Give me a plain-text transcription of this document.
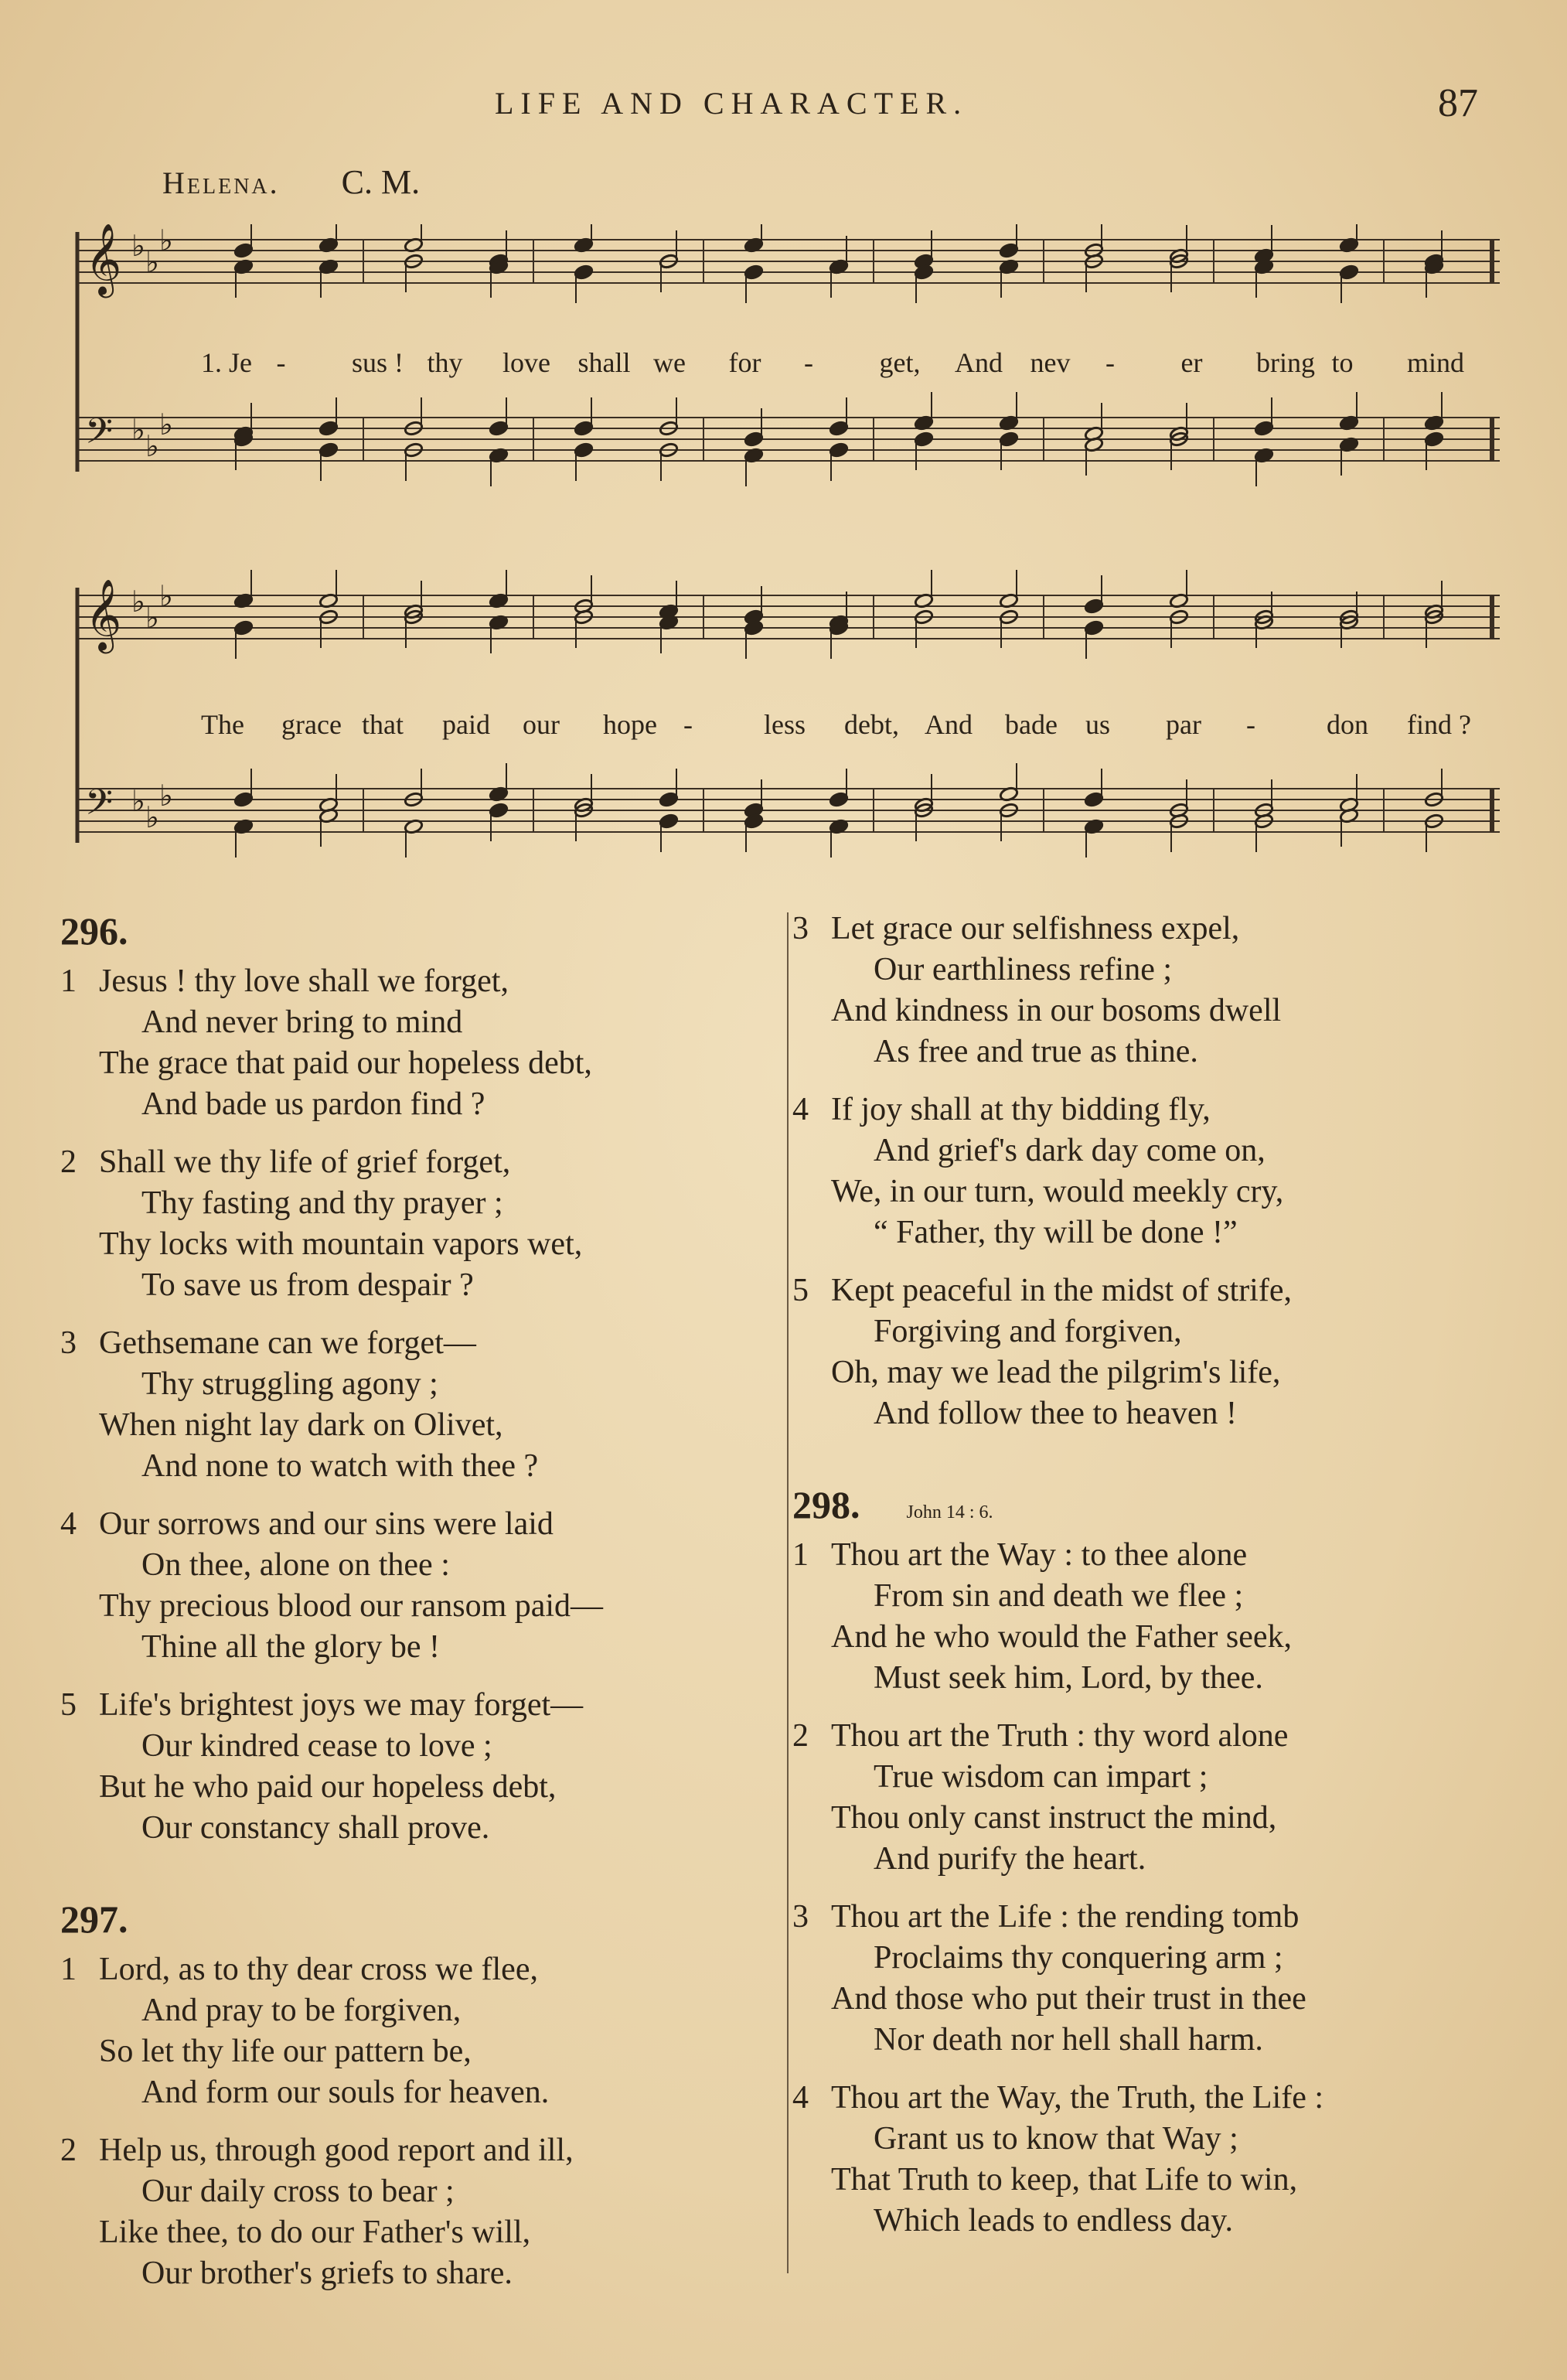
LIFE AND CHARACTER.	87
Helena. C. M.
𝄞
𝄢
♭
♭
♭
♭
♭
♭
1. Je - sus ! thy love shall we for - get, And nev - er bring to mind
𝄞
𝄢
♭
♭
♭
♭
♭
♭
The grace that paid our hope -	less debt, And bade us par -	don find ?
296.
1 Jesus ! thy love shall we forget,
And never bring to mind
The grace that paid our hopeless debt,
And bade us pardon find ?
2 Shall we thy life of grief forget,
Thy fasting and thy prayer ;
Thy locks with mountain vapors wet,
To save us from despair ?
3 Gethsemane can we forget—
Thy struggling agony ;
When night lay dark on Olivet,
And none to watch with thee ?
4 Our sorrows and our sins were laid
On thee, alone on thee :
Thy precious blood our ransom paid—
Thine all the glory be !
5 Life's brightest joys we may forget—
Our kindred cease to love ;
But he who paid our hopeless debt,
Our constancy shall prove.
297.
1 Lord, as to thy dear cross we flee,
And pray to be forgiven,
So let thy life our pattern be,
And form our souls for heaven.
2 Help us, through good report and ill,
Our daily cross to bear ;
Like thee, to do our Father's will,
Our brother's griefs to share.
3 Let grace our selfishness expel,
Our earthliness refine ;
And kindness in our bosoms dwell
As free and true as thine.
4 If joy shall at thy bidding fly,
And grief's dark day come on,
We, in our turn, would meekly cry,
“ Father, thy will be done !”
5 Kept peaceful in the midst of strife,
Forgiving and forgiven,
Oh, may we lead the pilgrim's life,
And follow thee to heaven !
298.	John 14 : 6.
1 Thou art the Way : to thee alone
From sin and death we flee ;
And he who would the Father seek,
Must seek him, Lord, by thee.
2 Thou art the Truth : thy word alone
True wisdom can impart ;
Thou only canst instruct the mind,
And purify the heart.
3 Thou art the Life : the rending tomb
Proclaims thy conquering arm ;
And those who put their trust in thee
Nor death nor hell shall harm.
4 Thou art the Way, the Truth, the Life :
Grant us to know that Way ;
That Truth to keep, that Life to win,
Which leads to endless day.
